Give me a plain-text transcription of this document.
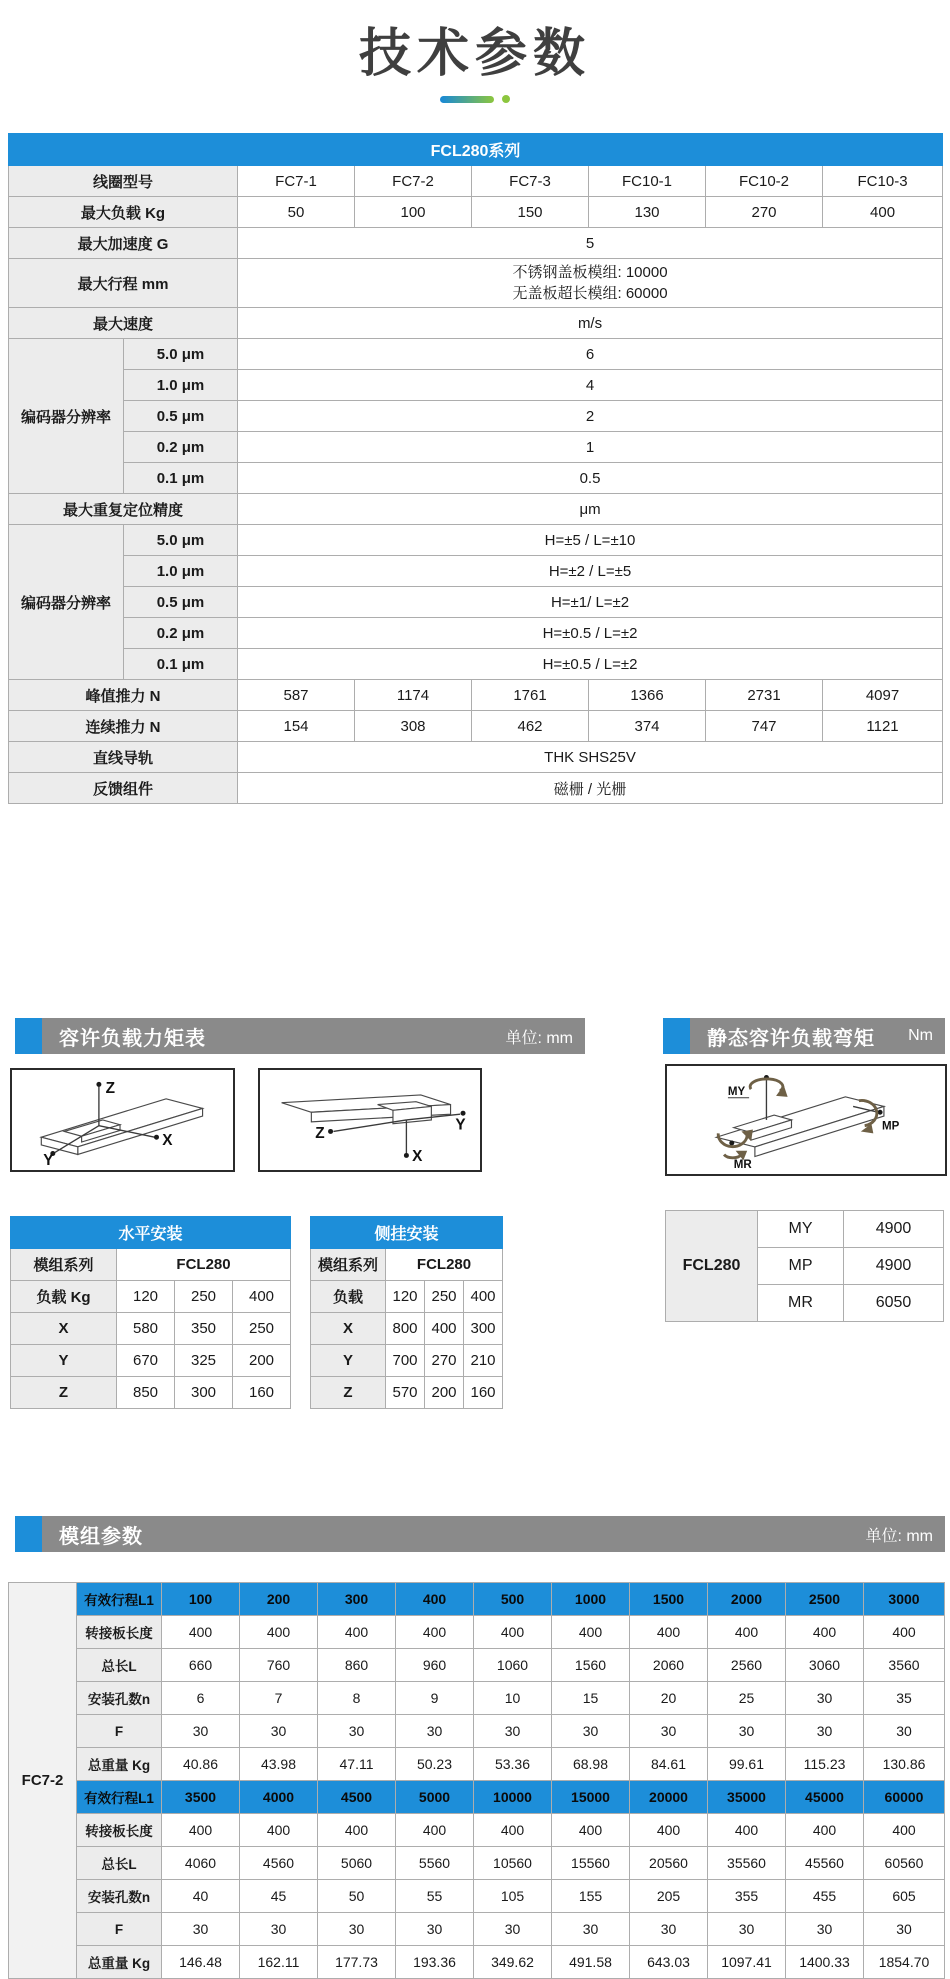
技术参数
FCL280系列							
线圈型号		FC7-1	FC7-2	FC7-3	FC10-1	FC10-2	FC10-3
最大负载 Kg		50	100	150	130	270	400
最大加速度 G		5					
最大行程 mm		不锈钢盖板模组: 10000
无盖板超长模组: 60000					

最大速度		m/s					
编码器分辨率	5.0 μm	6					
	1.0 μm	4					
	0.5 μm	2					
	0.2 μm	1					
	0.1 μm	0.5					
最大重复定位精度		μm					
编码器分辨率	5.0 μm	H=±5 / L=±10					
	1.0 μm	H=±2 / L=±5					
	0.5 μm	H=±1/ L=±2					
	0.2 μm	H=±0.5 / L=±2					
	0.1 μm	H=±0.5 / L=±2					
峰值推力 N		587	1174	1761	1366	2731	4097
连续推力 N		154	308	462	374	747	1121
直线导轨		THK SHS25V					
反馈组件		磁栅 / 光栅					
容许负载力矩表	单位: mm	静态容许负载弯矩 Nm
Z
X
Y
Z
Y
X
MY
MP
MR
水平安装			
模组系列	FCL280		
负载 Kg	120	250	400
X	580	350	250
Y	670	325	200
Z	850	300	160
侧挂安装			
模组系列	FCL280		
负载	120	250	400
X	800	400	300
Y	700	270	210
Z	570	200	160
FCL280	MY	4900
	MP	4900
	MR	6050
模组参数	单位: mm
FC7-2	有效行程L1	100	200	300	400	500	1000	1500	2000	2500	3000
	转接板长度	400	400	400	400	400	400	400	400	400	400
	总长L	660	760	860	960	1060	1560	2060	2560	3060	3560
	安装孔数n	6	7	8	9	10	15	20	25	30	35
	F	30	30	30	30	30	30	30	30	30	30
	总重量 Kg	40.86	43.98	47.11	50.23	53.36	68.98	84.61	99.61	115.23	130.86
	有效行程L1	3500	4000	4500	5000	10000	15000	20000	35000	45000	60000
	转接板长度	400	400	400	400	400	400	400	400	400	400
	总长L	4060	4560	5060	5560	10560	15560	20560	35560	45560	60560
	安装孔数n	40	45	50	55	105	155	205	355	455	605
	F	30	30	30	30	30	30	30	30	30	30
	总重量 Kg	146.48	162.11	177.73	193.36	349.62	491.58	643.03	1097.41	1400.33	1854.70
